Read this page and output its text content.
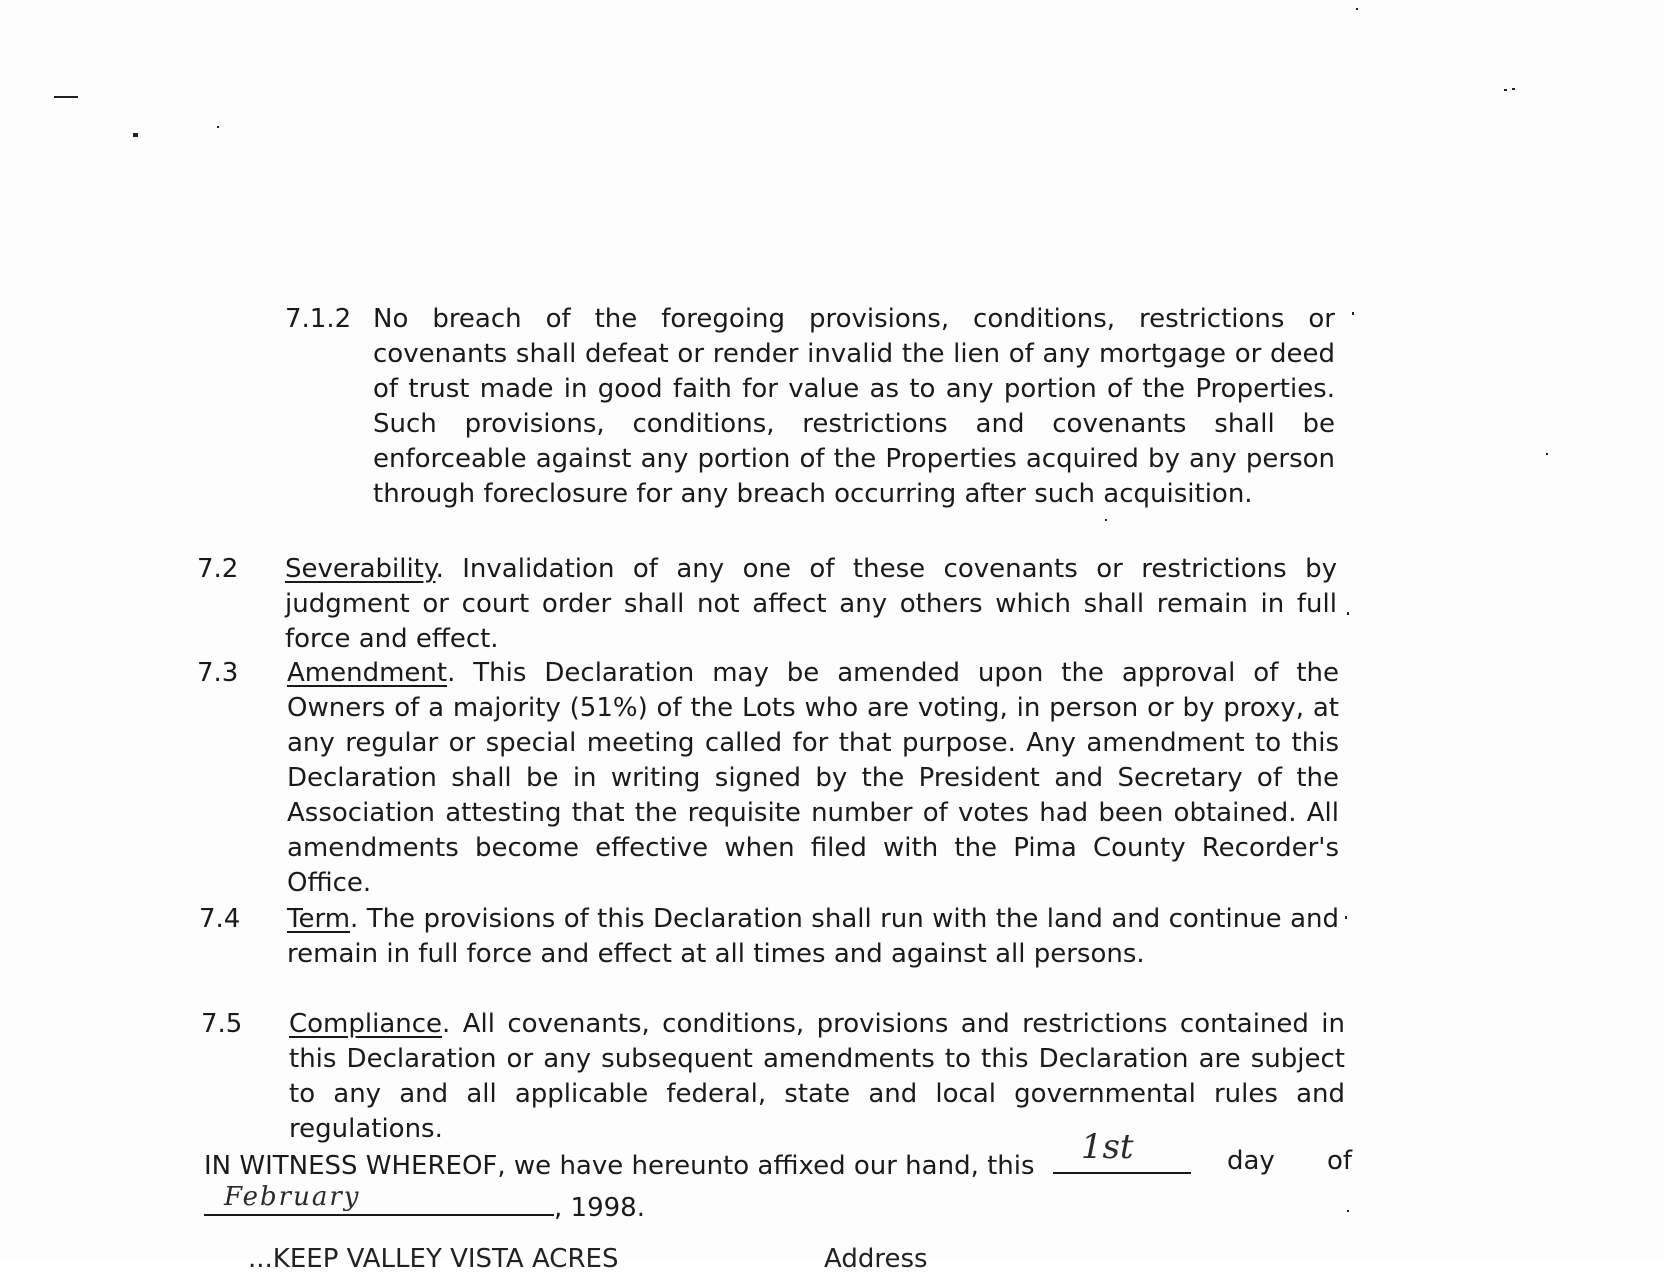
7.1.2 No breach of the foregoing provisions, conditions, restrictions or covenants shall defeat or render invalid the lien of any mortgage or deed of trust made in good faith for value as to any portion of the Properties. Such provisions, conditions, restrictions and covenants shall be enforceable against any portion of the Properties acquired by any person through foreclosure for any breach occurring after such acquisition.
7.2 Severability. Invalidation of any one of these covenants or restrictions by judgment or court order shall not affect any others which shall remain in full force and effect.
7.3 Amendment. This Declaration may be amended upon the approval of the Owners of a majority (51%) of the Lots who are voting, in person or by proxy, at any regular or special meeting called for that purpose. Any amendment to this Declaration shall be in writing signed by the President and Secretary of the Association attesting that the requisite number of votes had been obtained. All amendments become effective when filed with the Pima County Recorder's Office.
7.4 Term. The provisions of this Declaration shall run with the land and continue and remain in full force and effect at all times and against all persons.
7.5 Compliance. All covenants, conditions, provisions and restrictions contained in this Declaration or any subsequent amendments to this Declaration are subject to any and all applicable federal, state and local governmental rules and regulations.
IN WITNESS WHEREOF, we have hereunto affixed our hand, this 1st	day of
February	, 1998.
...KEEP VALLEY VISTA ACRES	Address
